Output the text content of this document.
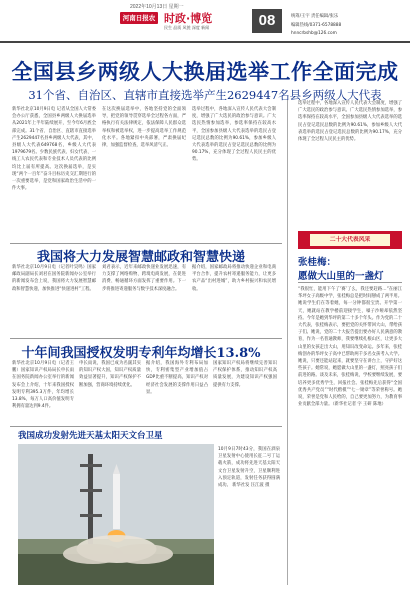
2022年10月13日 星期一
河南日报农村
时政·博览
民生 品质 风貌 深度 新闻	08	统筹/王宇 责任编辑/张乐
编辑热线/0371-6578888
hnncrbshb@126.com
全国县乡两级人大换届选举工作全面完成
31个省、自治区、直辖市直接选举产生2629447名县乡两级人大代表
新华社北京10月9日电 记者从全国人大常委会办公厅获悉，全国县乡两级人大换届选举从2021年上半年陆续展开，至今年6月底全部完成。31个省、自治区、直辖市直接选举产生2629447名县乡两级人大代表，其中，县级人大代表649768名，乡级人大代表1979679名。少数民族代表、妇女代表、一线工人农民代表和专业技术人员代表的比例均比上届有所提高。这次换届选举，是实现“两个一百年”奋斗目标历史交汇期进行的一次重要选举，是党和国家政治生活中的一件大事。
在这次换届选举中，各地坚持党的全面领导，把党的领导贯穿选举全过程各方面，严格执行有关法律规定，依法保障人民群众选举权和被选举权，进一步提高选举工作规范化水平。各地紧扣中央部署，严肃换届纪律，加强监督检查，选举风清气正。
选举过程中，各地深入宣传人民代表大会制度，增强了广大选民的政治参与意识。广大选民热情参加选举，参选率保持在较高水平，全国参加县级人大代表选举的选民占登记选民总数的比例为90.61%，参加乡级人大代表选举的选民占登记选民总数的比例为90.17%，充分体现了全过程人民民主的优势。
我国将大力发展智慧邮政和智慧快递
新华社北京10月9日电（记者叶昊鸣）国家邮政局副局长刘君在国务院新闻办公室举行的新闻发布会上说，我国将大力发展智慧邮政和智慧快递，加快推进“快递进村”工程。
刘君表示，近年来邮政快递业发展迅速，有力支撑了网络购物、跨境电商发展，在促进消费、畅通循环方面发挥了重要作用。下一步将推进寄递服务与数字技术深度融合。
据介绍，国家邮政局将推动快递企业和电商平台合作，提升农村寄递服务能力，让更多农产品“出村进城”，助力乡村振兴和农民增收。
十年间我国授权发明专利年均增长13.8%
新华社北京10月9日电（记者王鹏）国家知识产权局局长申长雨在国务院新闻办公室举行的新闻发布会上介绍，十年来我国授权发明专利395.3万件，年均增长13.8%，每万人口高价值发明专利拥有量达到9.4件。
申长雨说，我国已成为名副其实的知识产权大国，知识产权质量效益显著提升，知识产权保护不断加强，营商环境持续优化。
据介绍，我国海外专利布局加快，专利密集型产业增加值占GDP比重不断提高，知识产权对经济社会发展的支撑作用日益凸显。
国家知识产权局将继续完善知识产权保护体系，推动知识产权高质量发展，为建设知识产权强国提供有力支撑。
我国成功发射先进天基太阳天文台卫星
10月9日7时43分，我国在酒泉卫星发射中心使用长征二号丁运载火箭，成功将先进天基太阳天文台卫星发射升空，卫星顺利进入预定轨道，发射任务获得圆满成功。 新华社发 汪江波 摄
二十大代表风采
张桂梅：
愿做大山里的一盏灯
“我很忙，能用下午了‘赛’了么，我还要赶路…”在丽江华坪女子高级中学，张桂梅总是把时间掰成了两半用。她说学生们在等着她，每一分钟都很宝贵。开学第一天，她就站在教学楼前迎接学生，嗓子沙哑却依然坚持。今年是她到华坪的第二十多个年头。作为党的二十大代表，张桂梅表示，要把党的关怀带回大山，带给孩子们。她说，党的二十大报告提出要办好人民满意的教育，作为一名普通教师，我要继续扎根山区，让更多大山里的女孩走出大山，用知识改变命运。多年来，张桂梅创办的华坪女子高中已帮助两千多名女孩考入大学。她说，只要还能站起来，就要坚守在讲台上，守护好这些孩子。她常说，她愿做大山里的一盏灯，照亮孩子们前进的路。谈及未来，张桂梅说，学校要继续发展，要培养更多优秀学生，回报社会。张桂梅先后获得“全国优秀共产党员”“时代楷模”“七一勋章”等荣誉称号。她说，荣誉是党和人民给的，自己要更加努力，为教育事业贡献全部力量。（新华社记者 字 王研 陈地）
选举过程中，各地深入宣传人民代表大会制度，增强了广大选民的政治参与意识。广大选民热情参加选举，参选率保持在较高水平，全国参加县级人大代表选举的选民占登记选民总数的比例为90.61%，参加乡级人大代表选举的选民占登记选民总数的比例为90.17%，充分体现了全过程人民民主的优势。
